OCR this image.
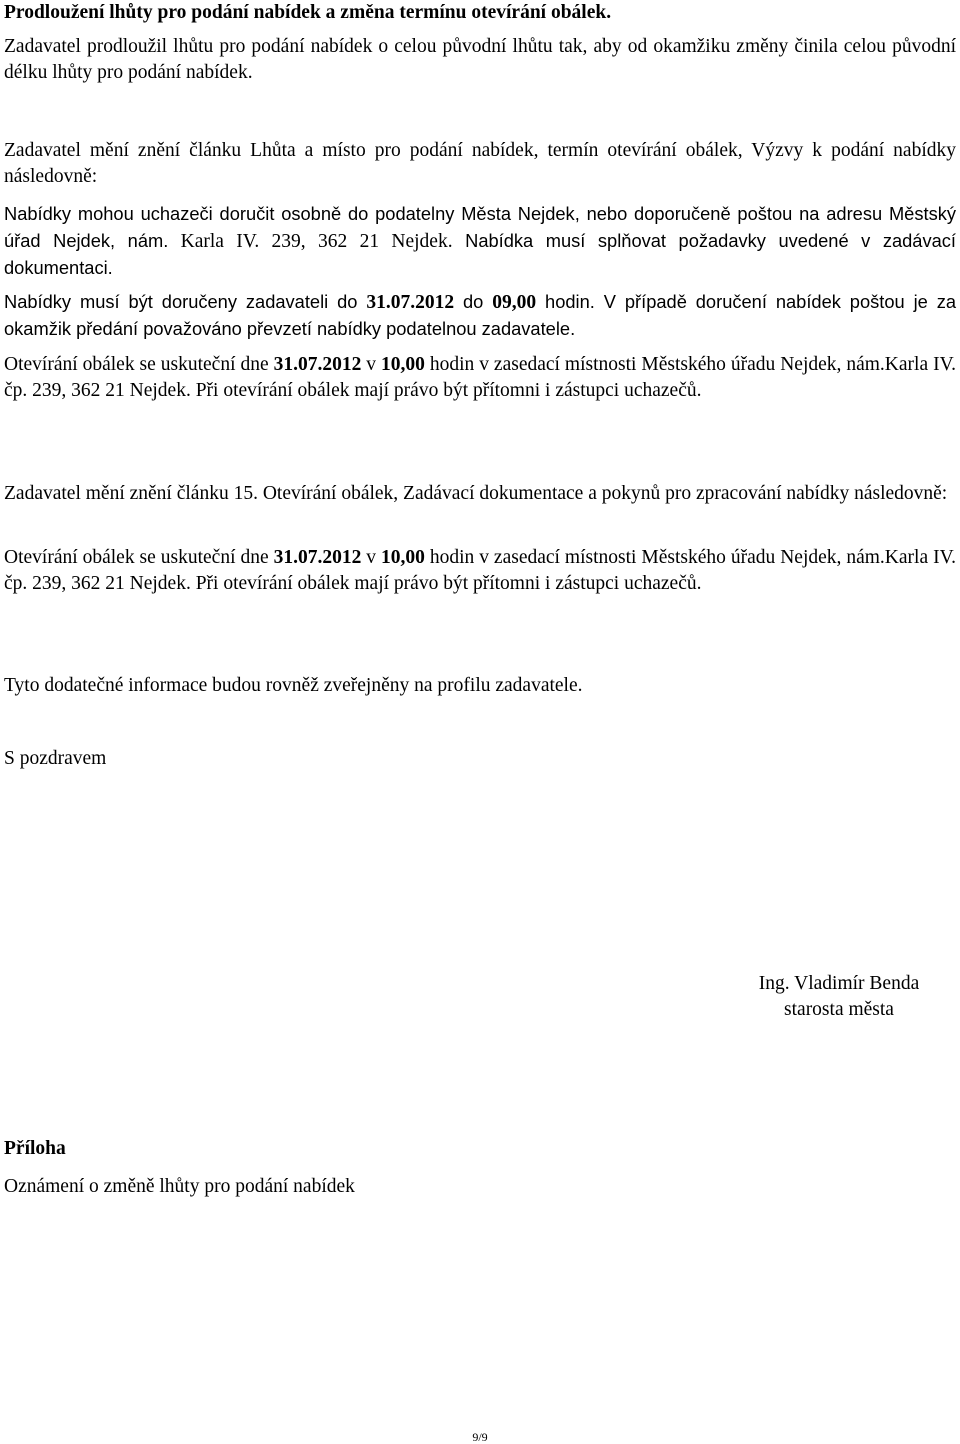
Prodloužení lhůty pro podání nabídek a změna termínu otevírání obálek.

Zadavatel prodloužil lhůtu pro podání nabídek o celou původní lhůtu tak, aby od okamžiku změny činila celou původní délku lhůty pro podání nabídek.

Zadavatel mění znění článku Lhůta a místo pro podání nabídek, termín otevírání obálek, Výzvy k podání nabídky následovně:

Nabídky mohou uchazeči doručit osobně do podatelny Města Nejdek, nebo doporučeně poštou na adresu Městský úřad Nejdek, nám. Karla IV. 239, 362 21 Nejdek. Nabídka musí splňovat požadavky uvedené v zadávací dokumentaci.

Nabídky musí být doručeny zadavateli do 31.07.2012 do 09,00 hodin. V případě doručení nabídek poštou je za okamžik předání považováno převzetí nabídky podatelnou zadavatele.

Otevírání obálek se uskuteční dne 31.07.2012 v 10,00 hodin v zasedací místnosti Městského úřadu Nejdek, nám.Karla IV. čp. 239, 362 21 Nejdek. Při otevírání obálek mají právo být přítomni i zástupci uchazečů.

Zadavatel mění znění článku 15. Otevírání obálek, Zadávací dokumentace a pokynů pro zpracování nabídky následovně:

Otevírání obálek se uskuteční dne 31.07.2012 v 10,00 hodin v zasedací místnosti Městského úřadu Nejdek, nám.Karla IV. čp. 239, 362 21 Nejdek. Při otevírání obálek mají právo být přítomni i zástupci uchazečů.

Tyto dodatečné informace budou rovněž zveřejněny na profilu zadavatele.

S pozdravem

Ing. Vladimír Benda
starosta města

Příloha

Oznámení o změně lhůty pro podání nabídek

9/9
